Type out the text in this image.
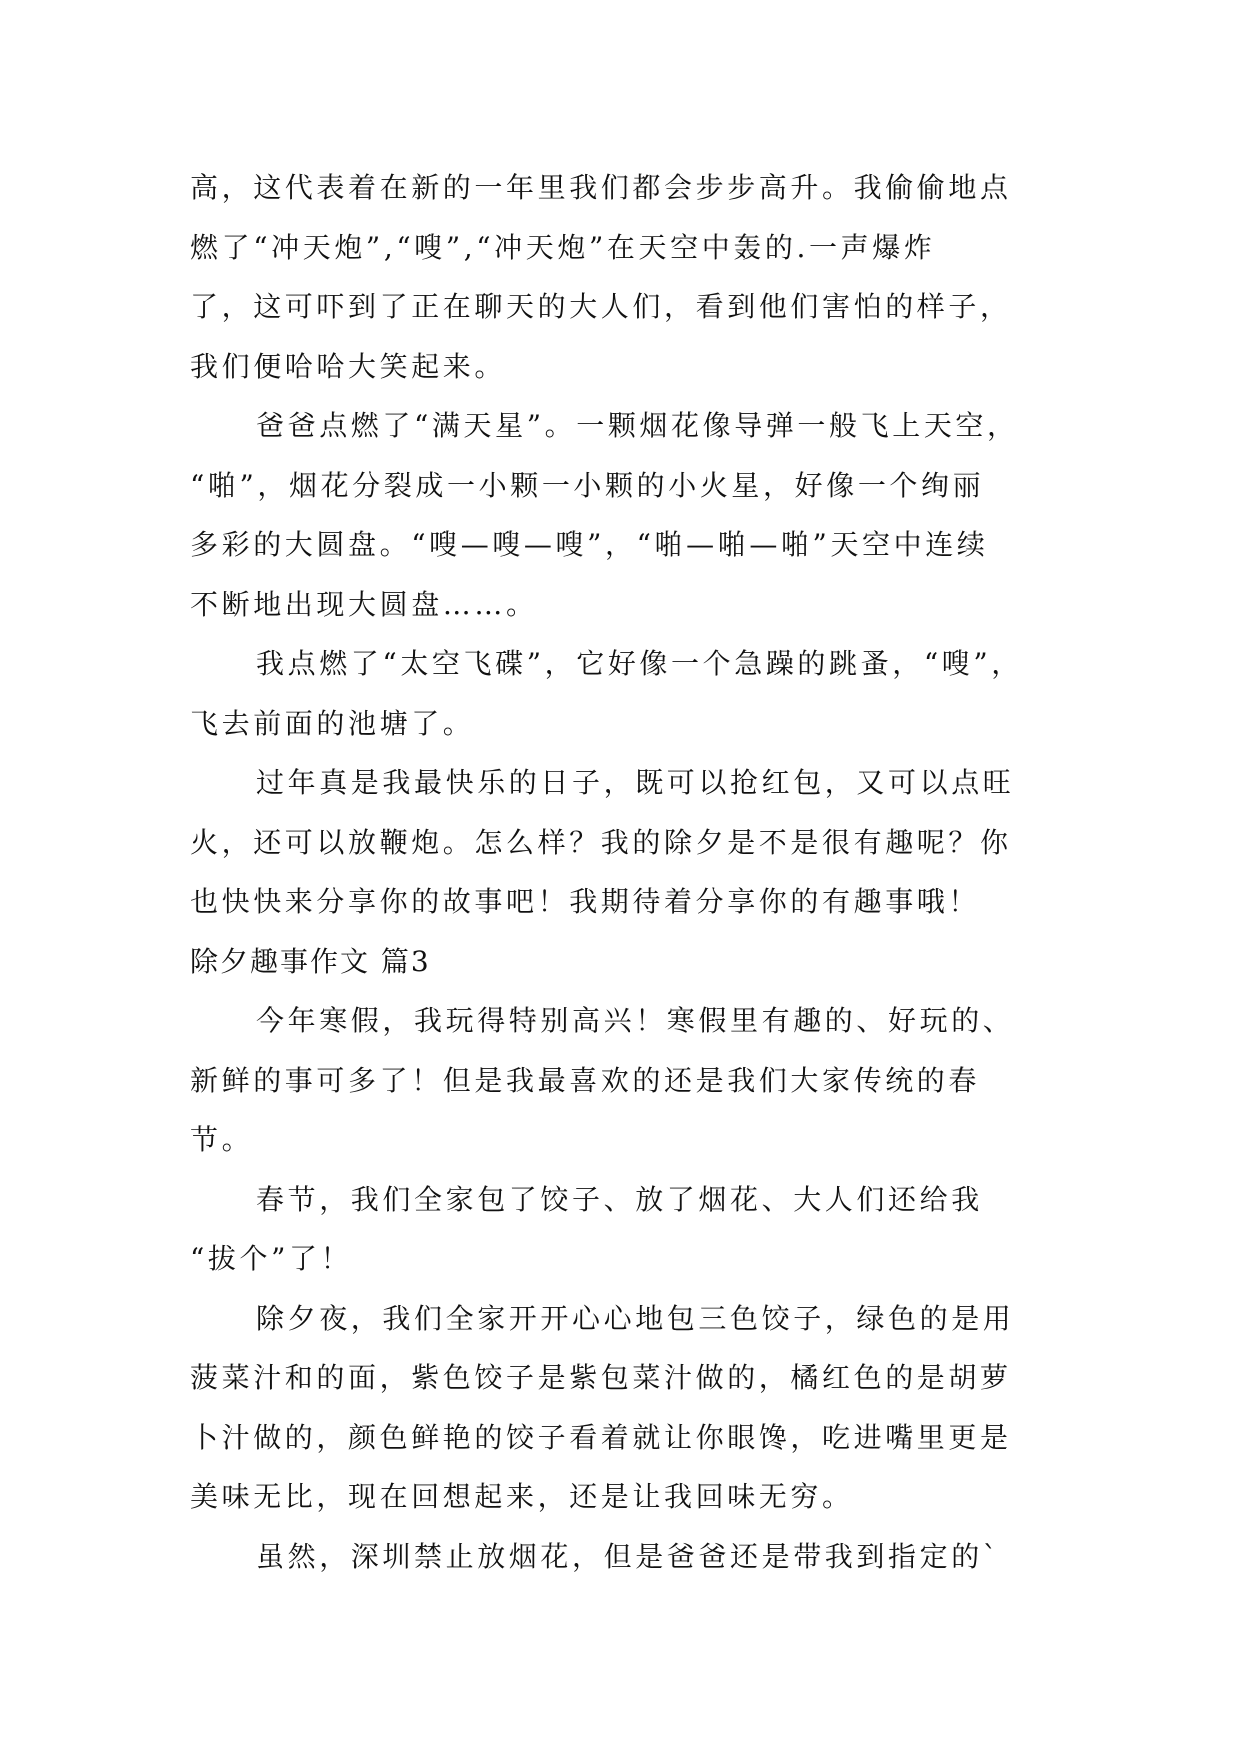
高，这代表着在新的一年里我们都会步步高升。我偷偷地点
燃了“冲天炮”,“嗖”,“冲天炮”在天空中轰的.一声爆炸
了，这可吓到了正在聊天的大人们，看到他们害怕的样子，
我们便哈哈大笑起来。
爸爸点燃了“满天星”。一颗烟花像导弹一般飞上天空，
“啪”，烟花分裂成一小颗一小颗的小火星，好像一个绚丽
多彩的大圆盘。“嗖—嗖—嗖”，“啪—啪—啪”天空中连续
不断地出现大圆盘……。
我点燃了“太空飞碟”，它好像一个急躁的跳蚤，“嗖”，
飞去前面的池塘了。
过年真是我最快乐的日子，既可以抢红包，又可以点旺
火，还可以放鞭炮。怎么样？我的除夕是不是很有趣呢？你
也快快来分享你的故事吧！我期待着分享你的有趣事哦！
除夕趣事作文 篇3
今年寒假，我玩得特别高兴！寒假里有趣的、好玩的、
新鲜的事可多了！但是我最喜欢的还是我们大家传统的春
节。
春节，我们全家包了饺子、放了烟花、大人们还给我
“拔个”了！
除夕夜，我们全家开开心心地包三色饺子，绿色的是用
菠菜汁和的面，紫色饺子是紫包菜汁做的，橘红色的是胡萝
卜汁做的，颜色鲜艳的饺子看着就让你眼馋，吃进嘴里更是
美味无比，现在回想起来，还是让我回味无穷。
虽然，深圳禁止放烟花，但是爸爸还是带我到指定的`
